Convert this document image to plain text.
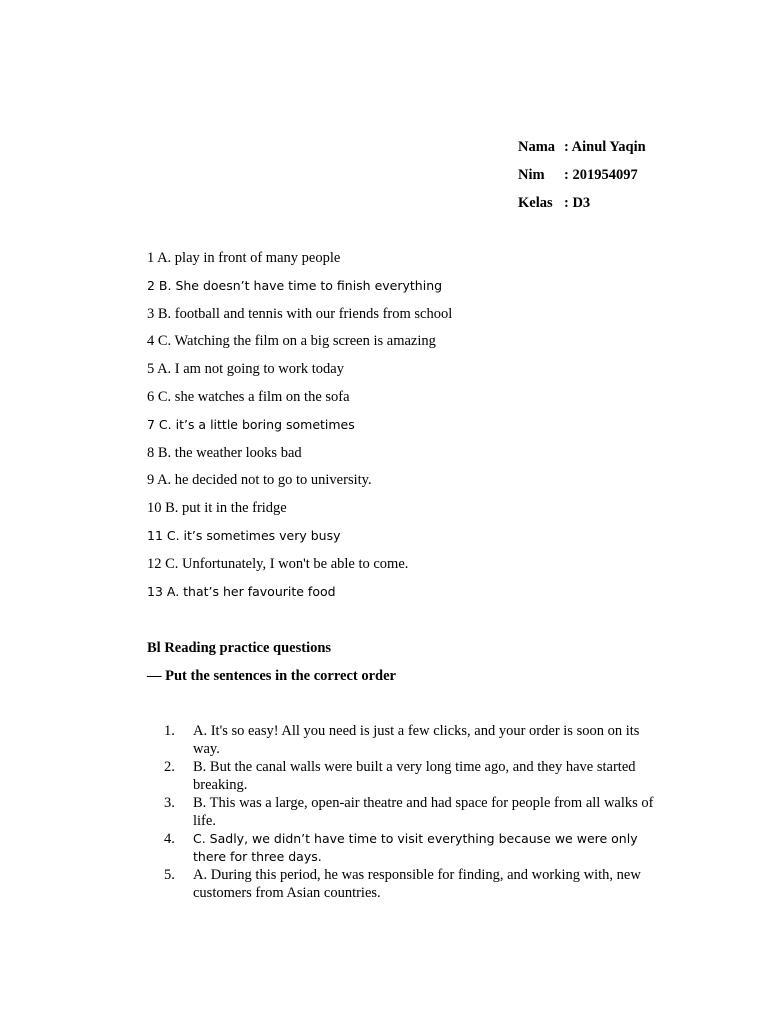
Nama : Ainul Yaqin
Nim : 201954097
Kelas : D3
1 A. play in front of many people
2 B. She doesn’t have time to finish everything
3 B. football and tennis with our friends from school
4 C. Watching the film on a big screen is amazing
5 A. I am not going to work today
6 C. she watches a film on the sofa
7 C. it’s a little boring sometimes
8 B. the weather looks bad
9 A. he decided not to go to university.
10 B. put it in the fridge
11 C. it’s sometimes very busy
12 C. Unfortunately, I won't be able to come.
13 A. that’s her favourite food
Bl Reading practice questions
— Put the sentences in the correct order
1.	A. It's so easy! All you need is just a few clicks, and your order is soon on its way.
2.	B. But the canal walls were built a very long time ago, and they have started breaking.
3.	B. This was a large, open-air theatre and had space for people from all walks of life.
4.	C. Sadly, we didn’t have time to visit everything because we were only there for three days.
5.	A. During this period, he was responsible for finding, and working with, new customers from Asian countries.
